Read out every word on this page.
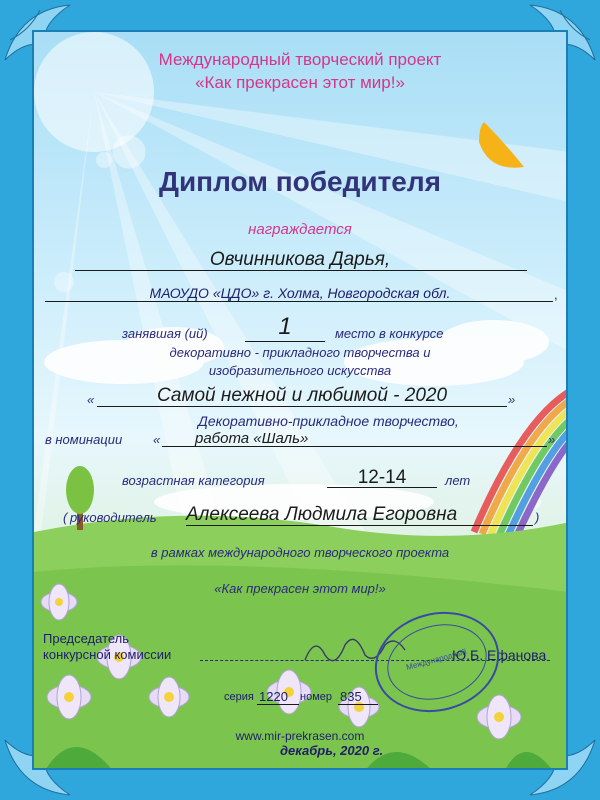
Международный творческий проект
«Как прекрасен этот мир!»
Диплом победителя
награждается
Овчинникова Дарья,
МАОУДО «ЦДО» г. Холма, Новгородская обл.	,
занявшая (ий)	1	место в конкурсе
декоративно - прикладного творчества и
изобразительного искусства
«	Самой нежной и любимой - 2020	»
Декоративно-прикладное творчество,
в номинации « работа «Шаль»	»
возрастная категория	12-14	лет
( руководитель Алексеева Людмила Егоровна	)
в рамках международного творческого проекта
«Как прекрасен этот мир!»
Председатель
конкурсной комиссии	Ю.Б. Ефанова
Международный
серия 1220 номер 835
www.mir-prekrasen.com
декабрь, 2020 г.
